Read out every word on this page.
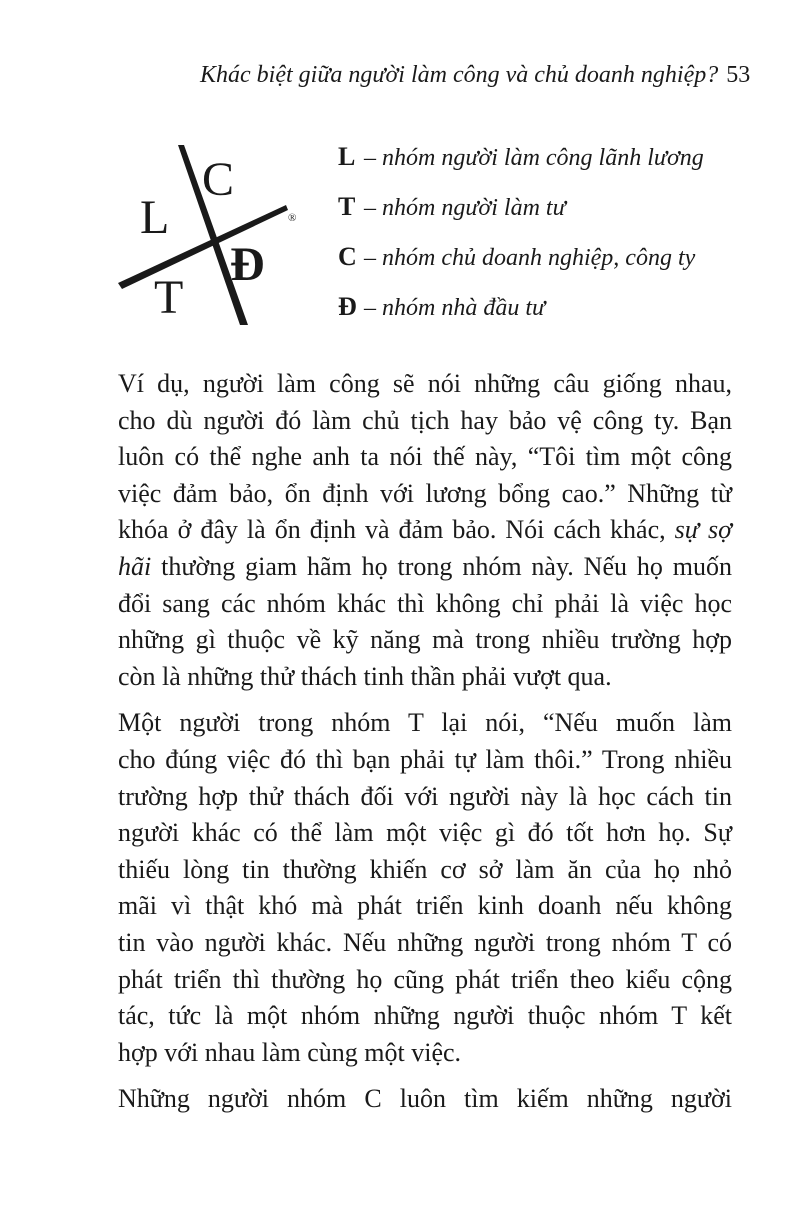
Khác biệt giữa người làm công và chủ doanh nghiệp? 53
L
C
T
Đ
®
L – nhóm người làm công lãnh lương
T – nhóm người làm tư
C – nhóm chủ doanh nghiệp, công ty
Đ – nhóm nhà đầu tư
Ví dụ, người làm công sẽ nói những câu giống nhau,
cho dù người đó làm chủ tịch hay bảo vệ công ty. Bạn
luôn có thể nghe anh ta nói thế này, “Tôi tìm một công
việc đảm bảo, ổn định với lương bổng cao.” Những từ
khóa ở đây là ổn định và đảm bảo. Nói cách khác, sự sợ
hãi thường giam hãm họ trong nhóm này. Nếu họ muốn
đổi sang các nhóm khác thì không chỉ phải là việc học
những gì thuộc về kỹ năng mà trong nhiều trường hợp
còn là những thử thách tinh thần phải vượt qua.
Một người trong nhóm T lại nói, “Nếu muốn làm
cho đúng việc đó thì bạn phải tự làm thôi.” Trong nhiều
trường hợp thử thách đối với người này là học cách tin
người khác có thể làm một việc gì đó tốt hơn họ. Sự
thiếu lòng tin thường khiến cơ sở làm ăn của họ nhỏ
mãi vì thật khó mà phát triển kinh doanh nếu không
tin vào người khác. Nếu những người trong nhóm T có
phát triển thì thường họ cũng phát triển theo kiểu cộng
tác, tức là một nhóm những người thuộc nhóm T kết
hợp với nhau làm cùng một việc.
Những người nhóm C luôn tìm kiếm những người
